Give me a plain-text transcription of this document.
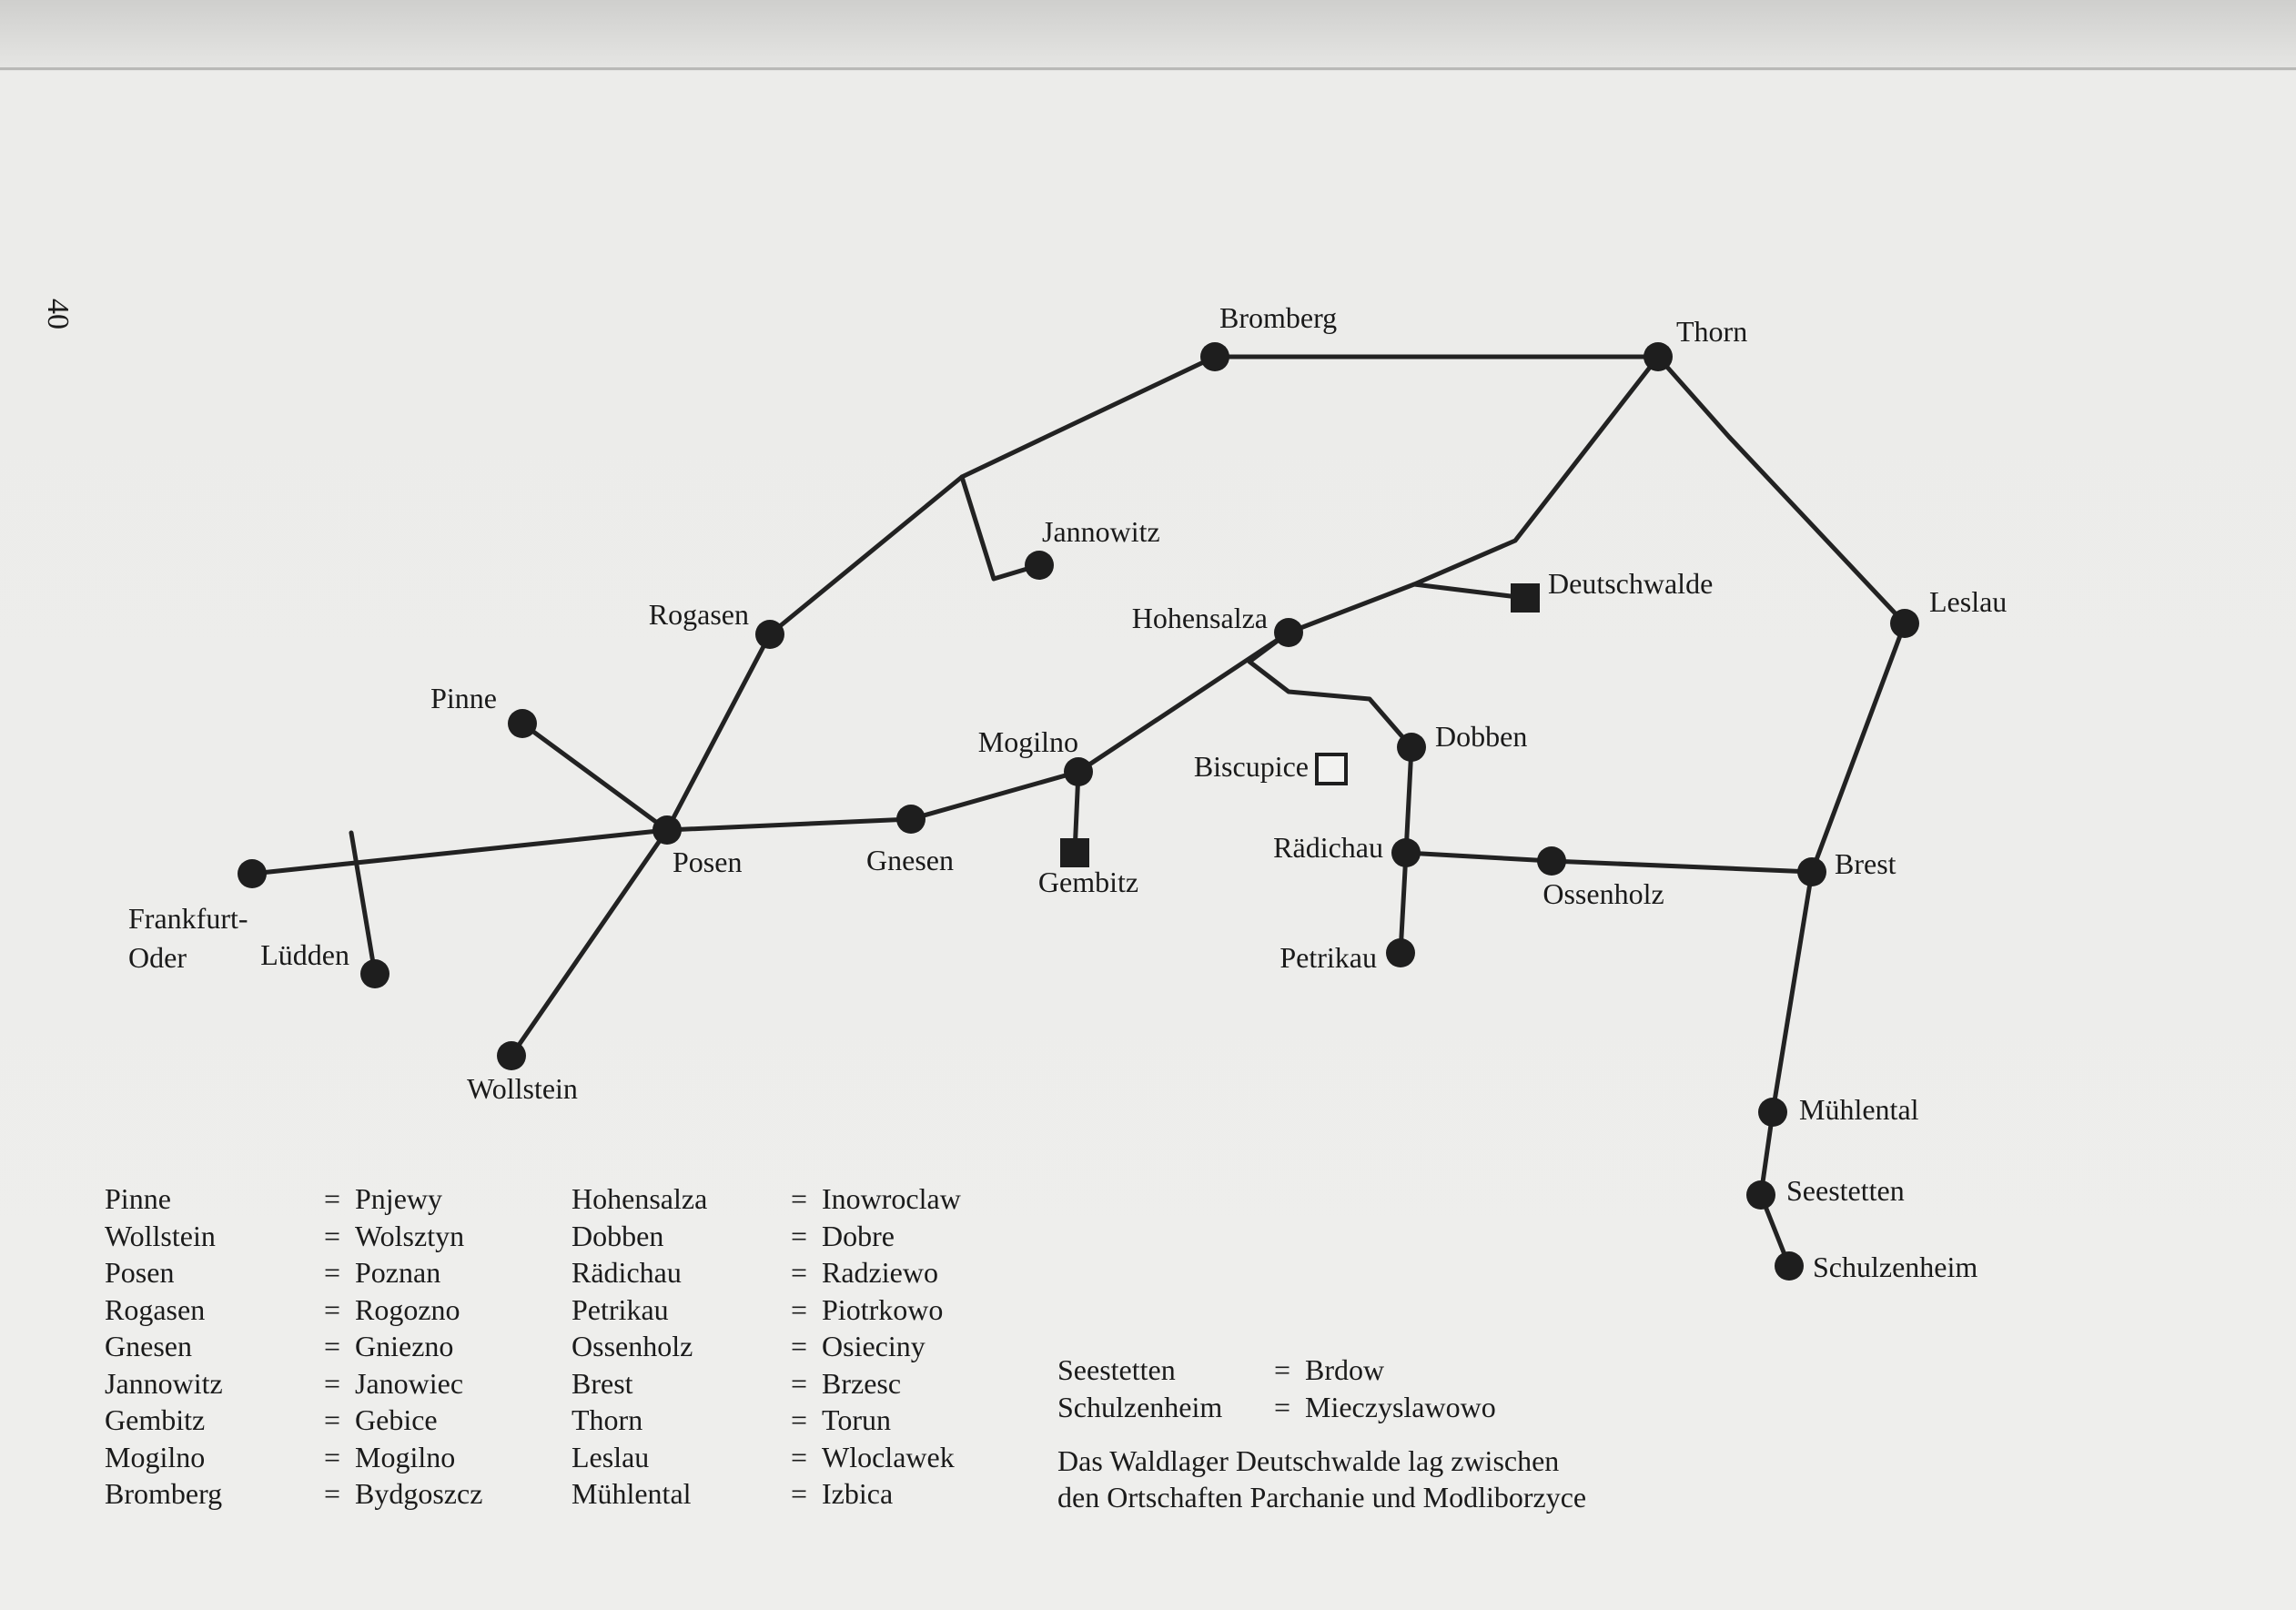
40	Bromberg	Thorn
Jannowitz
Rogasen	Hohensalza
Deutschwalde
Leslau
Pinne
Mogilno
Biscupice
Dobben
Gnesen
Posen
Gembitz
Rädichau
Ossenholz
Brest
Frankfurt-Oder	Lüdden	Petrikau
Wollstein
Mühlental
Seestetten
Schulzenheim
Pinne	= Pnjewy
Wollstein	= Wolsztyn
Posen	= Poznan
Rogasen	= Rogozno
Gnesen	= Gniezno
Jannowitz	= Janowiec
Gembitz	= Gebice
Mogilno	= Mogilno
Bromberg	= Bydgoszcz
Hohensalza	= Inowroclaw
Dobben	= Dobre
Rädichau	= Radziewo
Petrikau	= Piotrkowo
Ossenholz	= Osieciny
Brest	= Brzesc
Thorn	= Torun
Leslau	= Wloclawek
Mühlental	= Izbica
Seestetten	= Brdow
Schulzenheim	= Mieczyslawowo
Das Waldlager Deutschwalde lag zwischen
den Ortschaften Parchanie und Modliborzyce
